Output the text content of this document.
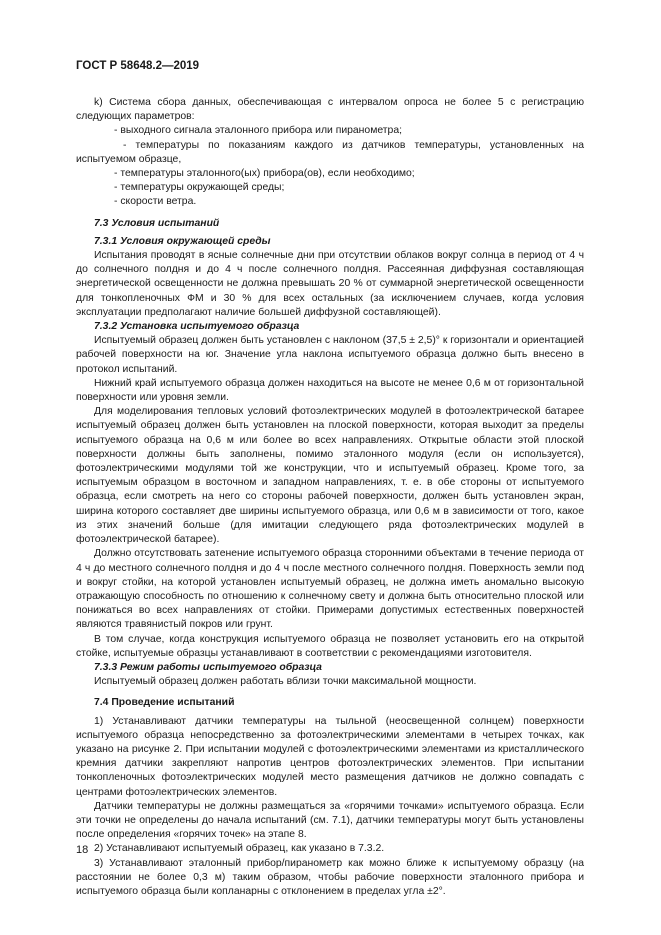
ГОСТ Р 58648.2—2019

k) Система сбора данных, обеспечивающая с интервалом опроса не более 5 с регистрацию следующих параметров:

- выходного сигнала эталонного прибора или пиранометра;

- температуры по показаниям каждого из датчиков температуры, установленных на испытуемом образце,

- температуры эталонного(ых) прибора(ов), если необходимо;

- температуры окружающей среды;

- скорости ветра.

7.3 Условия испытаний

7.3.1 Условия окружающей среды

Испытания проводят в ясные солнечные дни при отсутствии облаков вокруг солнца в период от 4 ч до солнечного полдня и до 4 ч после солнечного полдня. Рассеянная диффузная составляющая энергетической освещенности не должна превышать 20 % от суммарной энергетической освещенности для тонкопленочных ФМ и 30 % для всех остальных (за исключением случаев, когда условия эксплуатации предполагают наличие большей диффузной составляющей).

7.3.2 Установка испытуемого образца

Испытуемый образец должен быть установлен с наклоном (37,5 ± 2,5)° к горизонтали и ориентацией рабочей поверхности на юг. Значение угла наклона испытуемого образца должно быть внесено в протокол испытаний.

Нижний край испытуемого образца должен находиться на высоте не менее 0,6 м от горизонтальной поверхности или уровня земли.

Для моделирования тепловых условий фотоэлектрических модулей в фотоэлектрической батарее испытуемый образец должен быть установлен на плоской поверхности, которая выходит за пределы испытуемого образца на 0,6 м или более во всех направлениях. Открытые области этой плоской поверхности должны быть заполнены, помимо эталонного модуля (если он используется), фотоэлектрическими модулями той же конструкции, что и испытуемый образец. Кроме того, за испытуемым образцом в восточном и западном направлениях, т. е. в обе стороны от испытуемого образца, если смотреть на него со стороны рабочей поверхности, должен быть установлен экран, ширина которого составляет две ширины испытуемого образца, или 0,6 м в зависимости от того, какое из этих значений больше (для имитации следующего ряда фотоэлектрических модулей в фотоэлектрической батарее).

Должно отсутствовать затенение испытуемого образца сторонними объектами в течение периода от 4 ч до местного солнечного полдня и до 4 ч после местного солнечного полдня. Поверхность земли под и вокруг стойки, на которой установлен испытуемый образец, не должна иметь аномально высокую отражающую способность по отношению к солнечному свету и должна быть относительно плоской или понижаться во всех направлениях от стойки. Примерами допустимых естественных поверхностей являются травянистый покров или грунт.

В том случае, когда конструкция испытуемого образца не позволяет установить его на открытой стойке, испытуемые образцы устанавливают в соответствии с рекомендациями изготовителя.

7.3.3 Режим работы испытуемого образца

Испытуемый образец должен работать вблизи точки максимальной мощности.

7.4 Проведение испытаний

1) Устанавливают датчики температуры на тыльной (неосвещенной солнцем) поверхности испытуемого образца непосредственно за фотоэлектрическими элементами в четырех точках, как указано на рисунке 2. При испытании модулей с фотоэлектрическими элементами из кристаллического кремния датчики закрепляют напротив центров фотоэлектрических элементов. При испытании тонкопленочных фотоэлектрических модулей место размещения датчиков не должно совпадать с центрами фотоэлектрических элементов.

Датчики температуры не должны размещаться за «горячими точками» испытуемого образца. Если эти точки не определены до начала испытаний (см. 7.1), датчики температуры могут быть установлены после определения «горячих точек» на этапе 8.

2) Устанавливают испытуемый образец, как указано в 7.3.2.

3) Устанавливают эталонный прибор/пиранометр как можно ближе к испытуемому образцу (на расстоянии не более 0,3 м) таким образом, чтобы рабочие поверхности эталонного прибора и испытуемого образца были копланарны с отклонением в пределах угла ±2°.

18
